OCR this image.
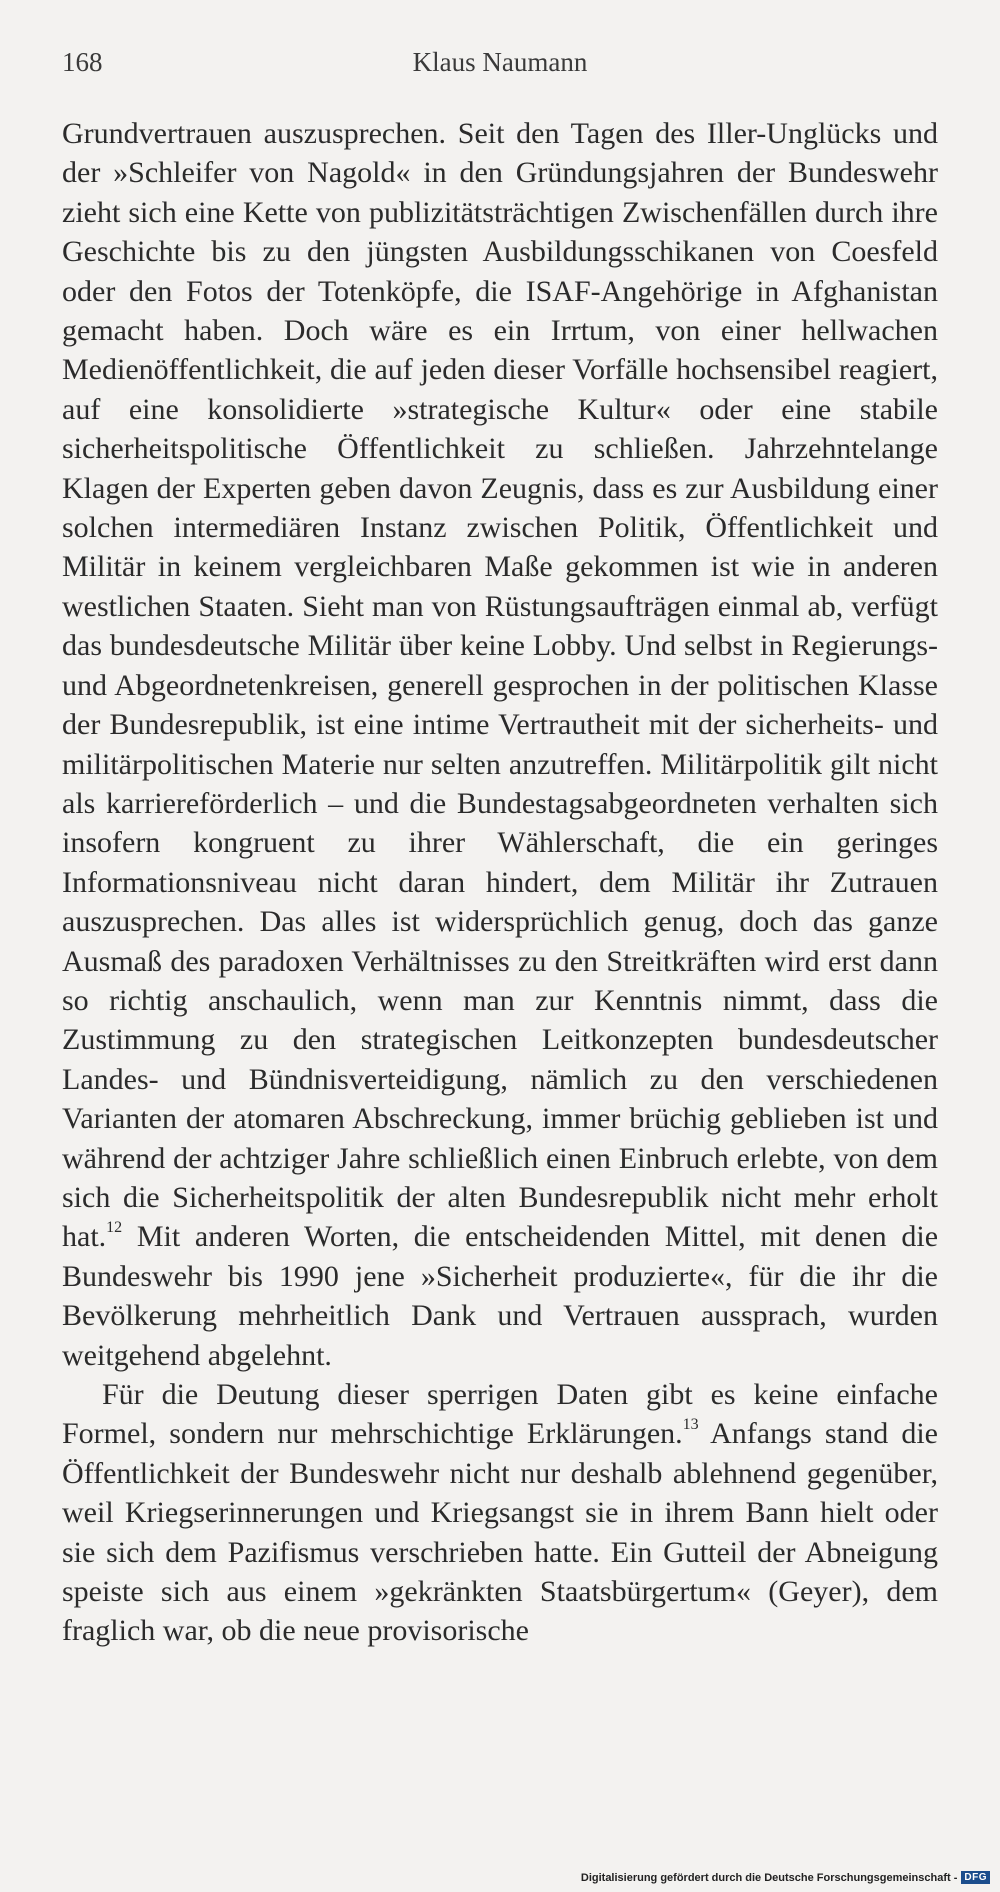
168	Klaus Naumann

Grundvertrauen auszusprechen. Seit den Tagen des Iller-Unglücks und der »Schleifer von Nagold« in den Gründungsjahren der Bundeswehr zieht sich eine Kette von publizitätsträchtigen Zwischenfällen durch ihre Geschichte bis zu den jüngsten Ausbildungsschikanen von Coesfeld oder den Fotos der Totenköpfe, die ISAF-Angehörige in Afghanistan gemacht haben. Doch wäre es ein Irrtum, von einer hellwachen Medienöffentlichkeit, die auf jeden dieser Vorfälle hochsensibel reagiert, auf eine konsolidierte »strategische Kultur« oder eine stabile sicherheitspolitische Öffentlichkeit zu schließen. Jahrzehntelange Klagen der Experten geben davon Zeugnis, dass es zur Ausbildung einer solchen intermediären Instanz zwischen Politik, Öffentlichkeit und Militär in keinem vergleichbaren Maße gekommen ist wie in anderen westlichen Staaten. Sieht man von Rüstungsaufträgen einmal ab, verfügt das bundesdeutsche Militär über keine Lobby. Und selbst in Regierungs- und Abgeordnetenkreisen, generell gesprochen in der politischen Klasse der Bundesrepublik, ist eine intime Vertrautheit mit der sicherheits- und militärpolitischen Materie nur selten anzutreffen. Militärpolitik gilt nicht als karriereförderlich – und die Bundestagsabgeordneten verhalten sich insofern kongruent zu ihrer Wählerschaft, die ein geringes Informationsniveau nicht daran hindert, dem Militär ihr Zutrauen auszusprechen. Das alles ist widersprüchlich genug, doch das ganze Ausmaß des paradoxen Verhältnisses zu den Streitkräften wird erst dann so richtig anschaulich, wenn man zur Kenntnis nimmt, dass die Zustimmung zu den strategischen Leitkonzepten bundesdeutscher Landes- und Bündnisverteidigung, nämlich zu den verschiedenen Varianten der atomaren Abschreckung, immer brüchig geblieben ist und während der achtziger Jahre schließlich einen Einbruch erlebte, von dem sich die Sicherheitspolitik der alten Bundesrepublik nicht mehr erholt hat.$^{12}$ Mit anderen Worten, die entscheidenden Mittel, mit denen die Bundeswehr bis 1990 jene »Sicherheit produzierte«, für die ihr die Bevölkerung mehrheitlich Dank und Vertrauen aussprach, wurden weitgehend abgelehnt.

Für die Deutung dieser sperrigen Daten gibt es keine einfache Formel, sondern nur mehrschichtige Erklärungen.$^{13}$ Anfangs stand die Öffentlichkeit der Bundeswehr nicht nur deshalb ablehnend gegenüber, weil Kriegserinnerungen und Kriegsangst sie in ihrem Bann hielt oder sie sich dem Pazifismus verschrieben hatte. Ein Gutteil der Abneigung speiste sich aus einem »gekränkten Staatsbürgertum« (Geyer), dem fraglich war, ob die neue provisorische

Digitalisierung gefördert durch die Deutsche Forschungsgemeinschaft - DFG
